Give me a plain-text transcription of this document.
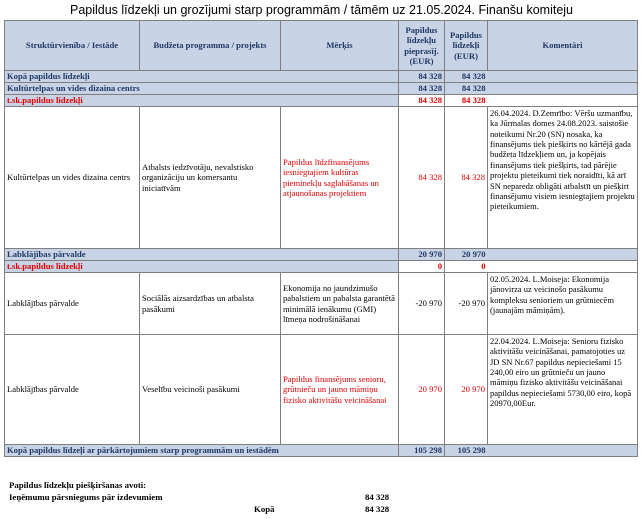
Papildus līdzekļi un grozījumi starp programmām / tāmēm uz 21.05.2024. Finanšu komiteju
Struktūrvienība / Iestāde	Budžeta programma / projekts	Mērķis	Papildus līdzekļu pieprasīj. (EUR)	Papildus līdzekļi (EUR)	Komentāri
Kopā papildus līdzekļi			84 328	84 328	
Kultūrtelpas un vides dizaina centrs			84 328	84 328	
t.sk.papildus līdzekļi			84 328	84 328	
Kultūrtelpas un vides dizaina centrs	Atbalsts iedzīvotāju, nevalstisko organizāciju un komersantu iniciatīvām	Papildus līdzfinansējums iesniegtajiem kultūras pieminekļu saglabāšanas un atjaunošanas projektiem	84 328	84 328	26.04.2024. D.Zemrībo: Vēršu uzmanību, ka Jūrmalas domes 24.08.2023. saistošie noteikumi Nr.20 (SN) nosaka, ka finansējums tiek piešķirts no kārtējā gada budžeta līdzekļiem un, ja kopējais finansējums tiek piešķirts, tad pārējie projektu pieteikumi tiek noraidīti, kā arī SN neparedz obligāti atbalstīt un piešķirt finansējumu visiem iesniegtajiem projektu pieteikumiem.
Labklājības pārvalde			20 970	20 970	
t.sk.papildus līdzekļi			0	0	
Labklājības pārvalde	Sociālās aizsardzības un atbalsta pasākumi	Ekonomija no jaundzimušo pabalstiem un pabalsta garantētā minimālā ienākumu (GMI) līmeņa nodrošināšanai	-20 970	-20 970	02.05.2024. L.Moiseja: Ekonomija jānovirza uz veicinošo pasākumu kompleksu senioriem un grūtniecēm (jaunajām māmiņām).
Labklājības pārvalde	Veselību veicinoši pasākumi	Papildus finansējums senioru, grūtnieču un jauno māmiņu fizisko aktivitāšu veicināšanai	20 970	20 970	22.04.2024. L.Moiseja: Senioru fizisko aktivitāšu veicināšanai, pamatojoties uz JD SN Nr.67 papildus nepieciešami 15 240,00 eiro un grūtnieču un jauno māmiņu fizisko aktivitāšu veicināšanai papildus nepieciešami 5730,00 eiro, kopā 20970,00Eur.
Kopā papildus līdzeļi ar pārkārtojumiem starp programmām un iestādēm			105 298	105 298	
Papildus līdzekļu piešķiršanas avoti:
Ieņēmumu pārsniegums pār izdevumiem	84 328
Kopā	84 328
